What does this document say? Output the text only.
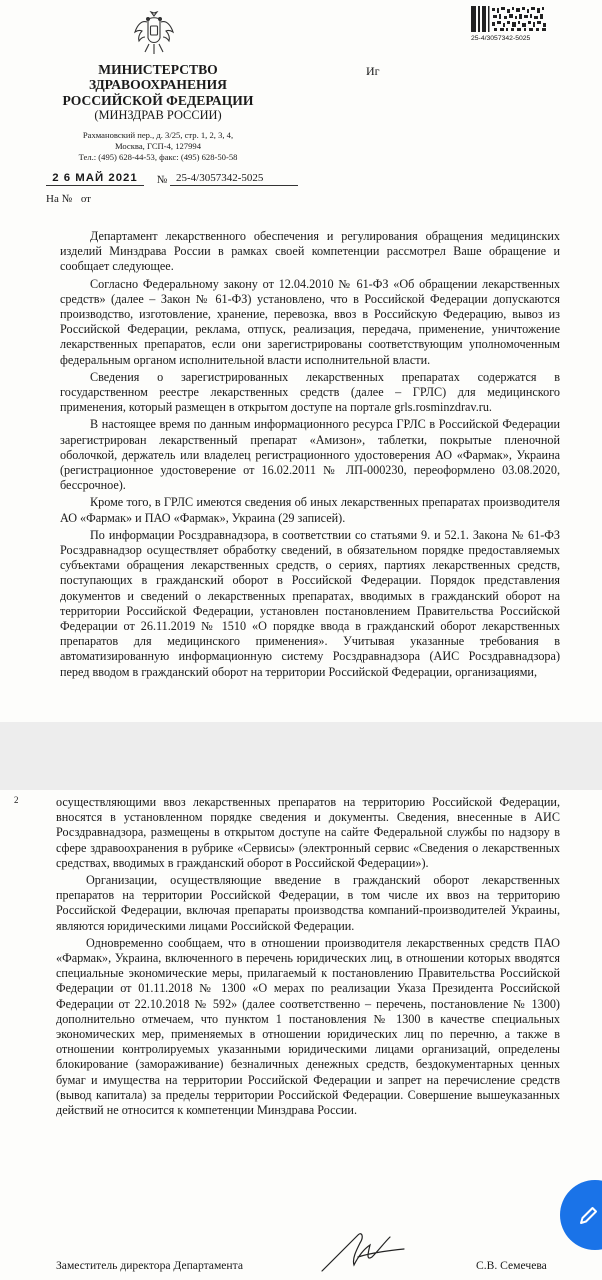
МИНИСТЕРСТВО
ЗДРАВООХРАНЕНИЯ
РОССИЙСКОЙ ФЕДЕРАЦИИ
(МИНЗДРАВ РОССИИ)
Рахмановский пер., д. 3/25, стр. 1, 2, 3, 4,
Москва, ГСП-4, 127994
Тел.: (495) 628-44-53, факс: (495) 628-50-58
2 6 МАЙ 2021 № 25-4/3057342-5025
На № от
Иг
25-4/3057342-5025

Департамент лекарственного обеспечения и регулирования обращения медицинских изделий Минздрава России в рамках своей компетенции рассмотрел Ваше обращение и сообщает следующее.

Согласно Федеральному закону от 12.04.2010 № 61-ФЗ «Об обращении лекарственных средств» (далее – Закон № 61-ФЗ) установлено, что в Российской Федерации допускаются производство, изготовление, хранение, перевозка, ввоз в Российскую Федерацию, вывоз из Российской Федерации, реклама, отпуск, реализация, передача, применение, уничтожение лекарственных препаратов, если они зарегистрированы соответствующим уполномоченным федеральным органом исполнительной власти исполнительной власти.

Сведения о зарегистрированных лекарственных препаратах содержатся в государственном реестре лекарственных средств (далее – ГРЛС) для медицинского применения, который размещен в открытом доступе на портале grls.rosminzdrav.ru.

В настоящее время по данным информационного ресурса ГРЛС в Российской Федерации зарегистрирован лекарственный препарат «Амизон», таблетки, покрытые пленочной оболочкой, держатель или владелец регистрационного удостоверения АО «Фармак», Украина (регистрационное удостоверение от 16.02.2011 № ЛП-000230, переоформлено 03.08.2020, бессрочное).

Кроме того, в ГРЛС имеются сведения об иных лекарственных препаратах производителя АО «Фармак» и ПАО «Фармак», Украина (29 записей).

По информации Росздравнадзора, в соответствии со статьями 9. и 52.1. Закона № 61-ФЗ Росздравнадзор осуществляет обработку сведений, в обязательном порядке предоставляемых субъектами обращения лекарственных средств, о сериях, партиях лекарственных средств, поступающих в гражданский оборот в Российской Федерации. Порядок представления документов и сведений о лекарственных препаратах, вводимых в гражданский оборот на территории Российской Федерации, установлен постановлением Правительства Российской Федерации от 26.11.2019 № 1510 «О порядке ввода в гражданский оборот лекарственных препаратов для медицинского применения». Учитывая указанные требования в автоматизированную информационную систему Росздравнадзора (АИС Росздравнадзора) перед вводом в гражданский оборот на территории Российской Федерации, организациями,

2	осуществляющими ввоз лекарственных препаратов на территорию Российской Федерации, вносятся в установленном порядке сведения и документы. Сведения, внесенные в АИС Росздравнадзора, размещены в открытом доступе на сайте Федеральной службы по надзору в сфере здравоохранения в рубрике «Сервисы» (электронный сервис «Сведения о лекарственных средствах, вводимых в гражданский оборот в Российской Федерации»).

Организации, осуществляющие введение в гражданский оборот лекарственных препаратов на территории Российской Федерации, в том числе их ввоз на территорию Российской Федерации, включая препараты производства компаний-производителей Украины, являются юридическими лицами Российской Федерации.

Одновременно сообщаем, что в отношении производителя лекарственных средств ПАО «Фармак», Украина, включенного в перечень юридических лиц, в отношении которых вводятся специальные экономические меры, прилагаемый к постановлению Правительства Российской Федерации от 01.11.2018 № 1300 «О мерах по реализации Указа Президента Российской Федерации от 22.10.2018 № 592» (далее соответственно – перечень, постановление № 1300) дополнительно отмечаем, что пунктом 1 постановления № 1300 в качестве специальных экономических мер, применяемых в отношении юридических лиц по перечню, а также в отношении контролируемых указанными юридическими лицами организаций, определены блокирование (замораживание) безналичных денежных средств, бездокументарных ценных бумаг и имущества на территории Российской Федерации и запрет на перечисление средств (вывод капитала) за пределы территории Российской Федерации. Совершение вышеуказанных действий не относится к компетенции Минздрава России.

Заместитель директора Департамента	С.В. Семечева
